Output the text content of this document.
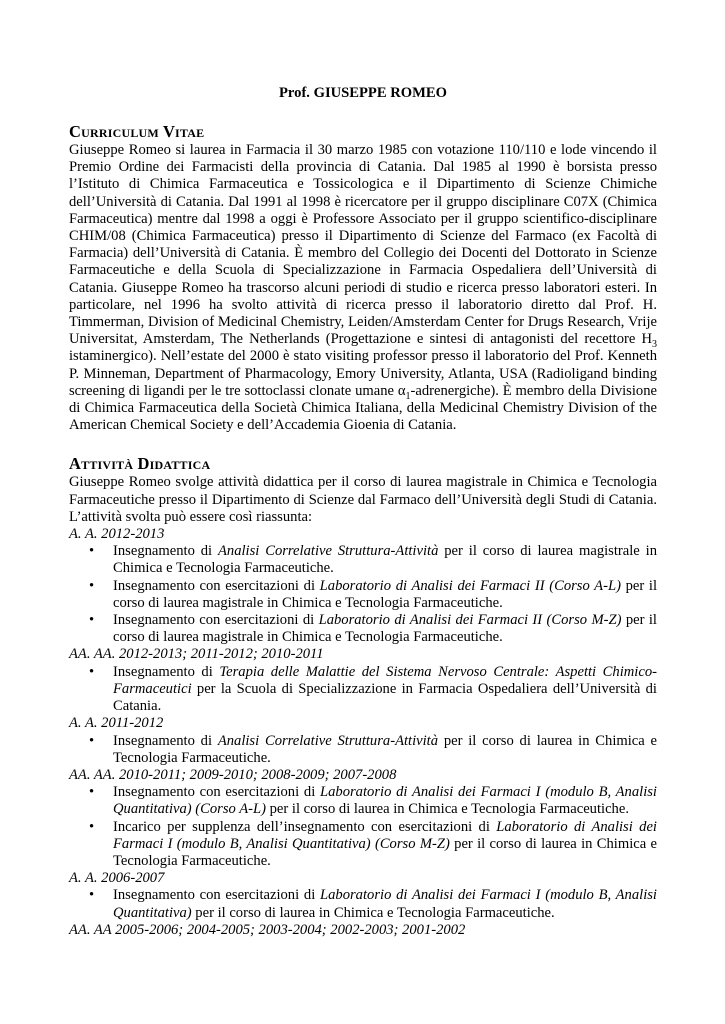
Prof. GIUSEPPE ROMEO
Curriculum Vitae

Giuseppe Romeo si laurea in Farmacia il 30 marzo 1985 con votazione 110/110 e lode vincendo il Premio Ordine dei Farmacisti della provincia di Catania. Dal 1985 al 1990 è borsista presso l’Istituto di Chimica Farmaceutica e Tossicologica e il Dipartimento di Scienze Chimiche dell’Università di Catania. Dal 1991 al 1998 è ricercatore per il gruppo disciplinare C07X (Chimica Farmaceutica) mentre dal 1998 a oggi è Professore Associato per il gruppo scientifico-disciplinare CHIM/08 (Chimica Farmaceutica) presso il Dipartimento di Scienze del Farmaco (ex Facoltà di Farmacia) dell’Università di Catania. È membro del Collegio dei Docenti del Dottorato in Scienze Farmaceutiche e della Scuola di Specializzazione in Farmacia Ospedaliera dell’Università di Catania. Giuseppe Romeo ha trascorso alcuni periodi di studio e ricerca presso laboratori esteri. In particolare, nel 1996 ha svolto attività di ricerca presso il laboratorio diretto dal Prof. H. Timmerman, Division of Medicinal Chemistry, Leiden/Amsterdam Center for Drugs Research, Vrije Universitat, Amsterdam, The Netherlands (Progettazione e sintesi di antagonisti del recettore $H_3$ istaminergico). Nell’estate del 2000 è stato visiting professor presso il laboratorio del Prof. Kenneth P. Minneman, Department of Pharmacology, Emory University, Atlanta, USA (Radioligand binding screening di ligandi per le tre sottoclassi clonate umane $\alpha_1-adrenergiche$). È membro della Divisione di Chimica Farmaceutica della Società Chimica Italiana, della Medicinal Chemistry Division of the American Chemical Society e dell’Accademia Gioenia di Catania.

Attività Didattica

Giuseppe Romeo svolge attività didattica per il corso di laurea magistrale in Chimica e Tecnologia Farmaceutiche presso il Dipartimento di Scienze dal Farmaco dell’Università degli Studi di Catania. L’attività svolta può essere così riassunta:

A. A. 2012-2013

• Insegnamento di Analisi Correlative Struttura-Attività per il corso di laurea magistrale in Chimica e Tecnologia Farmaceutiche.
• Insegnamento con esercitazioni di Laboratorio di Analisi dei Farmaci II (Corso A-L) per il corso di laurea magistrale in Chimica e Tecnologia Farmaceutiche.
• Insegnamento con esercitazioni di Laboratorio di Analisi dei Farmaci II (Corso M-Z) per il corso di laurea magistrale in Chimica e Tecnologia Farmaceutiche.

AA. AA. 2012-2013; 2011-2012; 2010-2011

• Insegnamento di Terapia delle Malattie del Sistema Nervoso Centrale: Aspetti Chimico-Farmaceutici per la Scuola di Specializzazione in Farmacia Ospedaliera dell’Università di Catania.

A. A. 2011-2012

• Insegnamento di Analisi Correlative Struttura-Attività per il corso di laurea in Chimica e Tecnologia Farmaceutiche.

AA. AA. 2010-2011; 2009-2010; 2008-2009; 2007-2008

• Insegnamento con esercitazioni di Laboratorio di Analisi dei Farmaci I (modulo B, Analisi Quantitativa) (Corso A-L) per il corso di laurea in Chimica e Tecnologia Farmaceutiche.
• Incarico per supplenza dell’insegnamento con esercitazioni di Laboratorio di Analisi dei Farmaci I (modulo B, Analisi Quantitativa) (Corso M-Z) per il corso di laurea in Chimica e Tecnologia Farmaceutiche.

A. A. 2006-2007

• Insegnamento con esercitazioni di Laboratorio di Analisi dei Farmaci I (modulo B, Analisi Quantitativa) per il corso di laurea in Chimica e Tecnologia Farmaceutiche.

AA. AA 2005-2006; 2004-2005; 2003-2004; 2002-2003; 2001-2002
